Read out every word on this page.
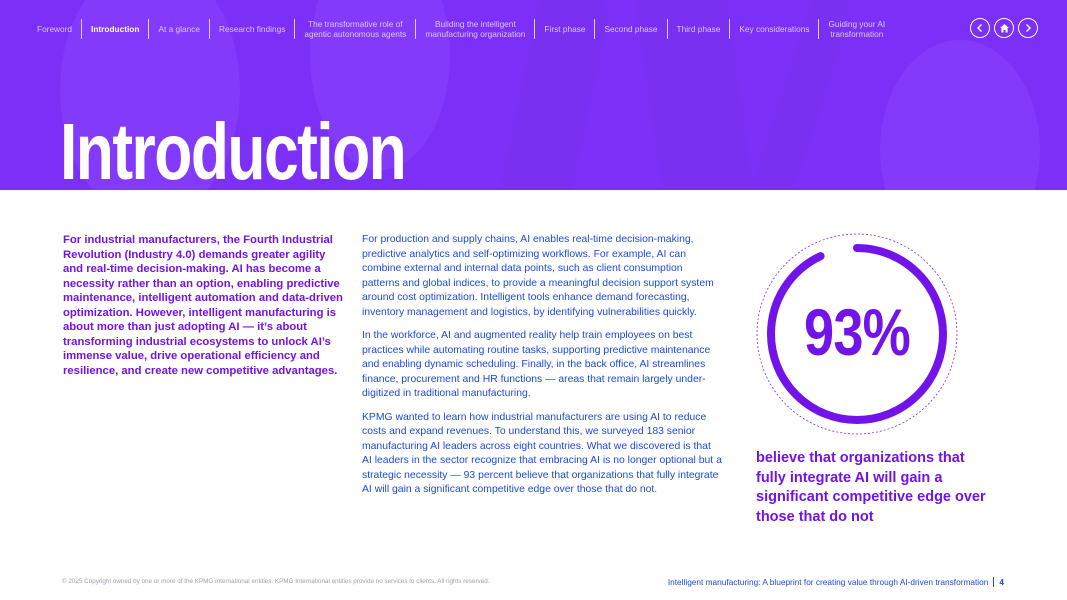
Foreword Introduction At a glance Research findings	The transformative role of
agentic autonomous agents
Building the intelligent
manufacturing organization First phase Second phase Third phase Key considerations Guiding your AI
transformation
Introduction
For industrial manufacturers, the Fourth Industrial Revolution (Industry 4.0) demands greater agility and real-time decision-making. AI has become a necessity rather than an option, enabling predictive maintenance, intelligent automation and data-driven optimization. However, intelligent manufacturing is about more than just adopting AI — it’s about transforming industrial ecosystems to unlock AI’s immense value, drive operational efficiency and resilience, and create new competitive advantages.

For production and supply chains, AI enables real-time decision-making, predictive analytics and self-optimizing workflows. For example, AI can combine external and internal data points, such as client consumption patterns and global indices, to provide a meaningful decision support system around cost optimization. Intelligent tools enhance demand forecasting, inventory management and logistics, by identifying vulnerabilities quickly.

In the workforce, AI and augmented reality help train employees on best practices while automating routine tasks, supporting predictive maintenance and enabling dynamic scheduling. Finally, in the back office, AI streamlines finance, procurement and HR functions — areas that remain largely under-digitized in traditional manufacturing.

KPMG wanted to learn how industrial manufacturers are using AI to reduce costs and expand revenues. To understand this, we surveyed 183 senior manufacturing AI leaders across eight countries. What we discovered is that AI leaders in the sector recognize that embracing AI is no longer optional but a strategic necessity — 93 percent believe that organizations that fully integrate AI will gain a significant competitive edge over those that do not.

93%
believe that organizations that fully integrate AI will gain a significant competitive edge over those that do not
© 2025 Copyright owned by one or more of the KPMG International entities. KPMG International entities provide no services to clients. All rights reserved.	Intelligent manufacturing: A blueprint for creating value through AI-driven transformation 4
